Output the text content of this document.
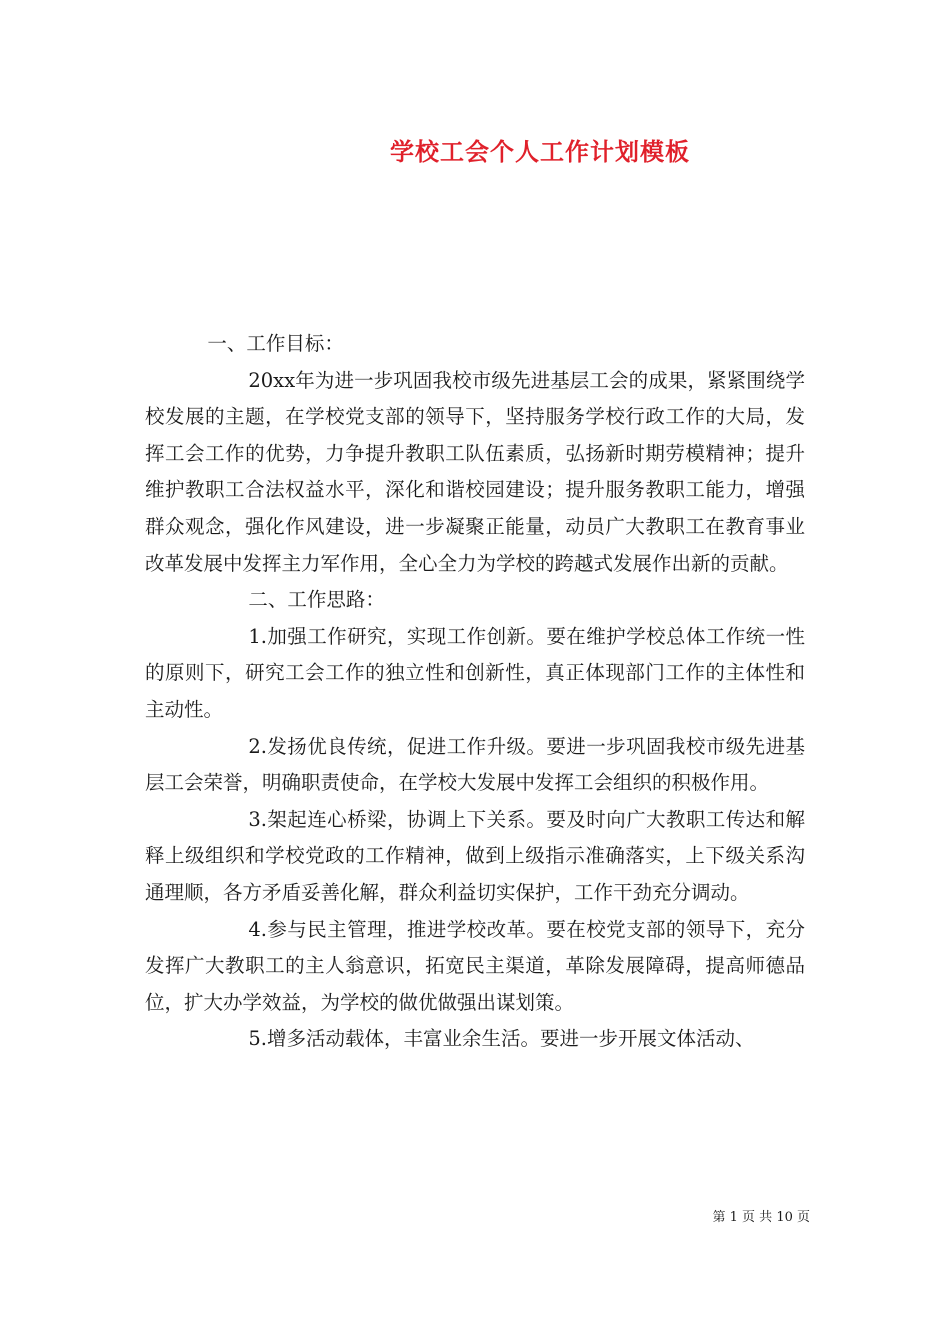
学校工会个人工作计划模板

一、工作目标：

20xx年为进一步巩固我校市级先进基层工会的成果，紧紧围绕学校发展的主题，在学校党支部的领导下，坚持服务学校行政工作的大局，发挥工会工作的优势，力争提升教职工队伍素质，弘扬新时期劳模精神；提升维护教职工合法权益水平，深化和谐校园建设；提升服务教职工能力，增强群众观念，强化作风建设，进一步凝聚正能量，动员广大教职工在教育事业改革发展中发挥主力军作用，全心全力为学校的跨越式发展作出新的贡献。

二、工作思路：

1.加强工作研究，实现工作创新。要在维护学校总体工作统一性的原则下，研究工会工作的独立性和创新性，真正体现部门工作的主体性和主动性。

2.发扬优良传统，促进工作升级。要进一步巩固我校市级先进基层工会荣誉，明确职责使命，在学校大发展中发挥工会组织的积极作用。

3.架起连心桥梁，协调上下关系。要及时向广大教职工传达和解释上级组织和学校党政的工作精神，做到上级指示准确落实，上下级关系沟通理顺，各方矛盾妥善化解，群众利益切实保护，工作干劲充分调动。

4.参与民主管理，推进学校改革。要在校党支部的领导下，充分发挥广大教职工的主人翁意识，拓宽民主渠道，革除发展障碍，提高师德品位，扩大办学效益，为学校的做优做强出谋划策。

5.增多活动载体，丰富业余生活。要进一步开展文体活动、

第 1 页 共 10 页
